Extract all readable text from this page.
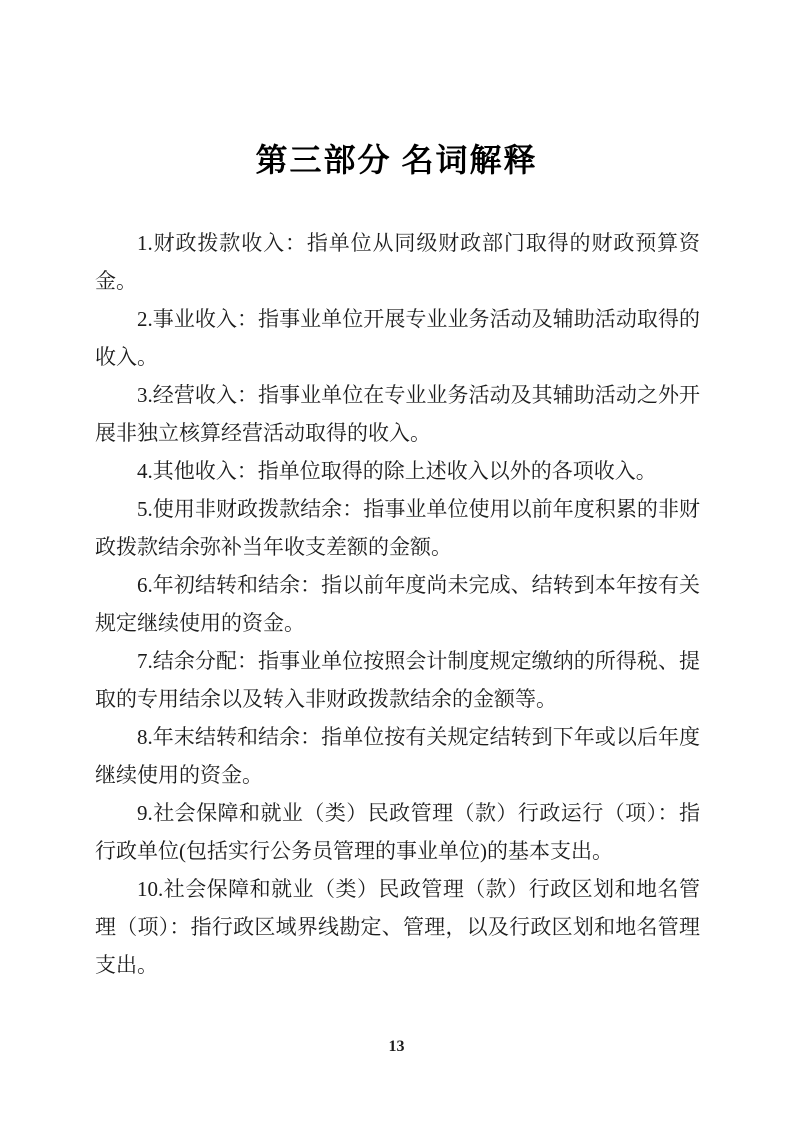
第三部分 名词解释

1.财政拨款收入：指单位从同级财政部门取得的财政预算资金。

2.事业收入：指事业单位开展专业业务活动及辅助活动取得的收入。

3.经营收入：指事业单位在专业业务活动及其辅助活动之外开展非独立核算经营活动取得的收入。

4.其他收入：指单位取得的除上述收入以外的各项收入。

5.使用非财政拨款结余：指事业单位使用以前年度积累的非财政拨款结余弥补当年收支差额的金额。

6.年初结转和结余：指以前年度尚未完成、结转到本年按有关规定继续使用的资金。

7.结余分配：指事业单位按照会计制度规定缴纳的所得税、提取的专用结余以及转入非财政拨款结余的金额等。

8.年末结转和结余：指单位按有关规定结转到下年或以后年度继续使用的资金。

9.社会保障和就业（类）民政管理（款）行政运行（项）：指行政单位(包括实行公务员管理的事业单位)的基本支出。

10.社会保障和就业（类）民政管理（款）行政区划和地名管理（项）：指行政区域界线勘定、管理，以及行政区划和地名管理支出。

13
